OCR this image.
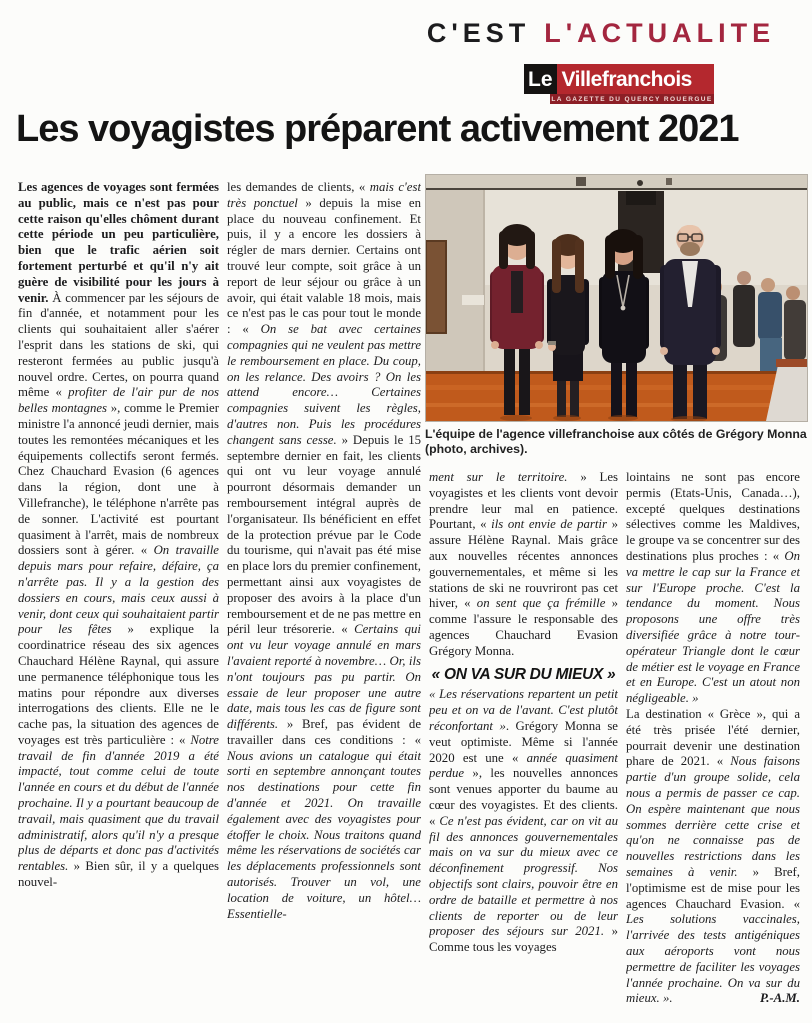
C'EST L'ACTUALITE
Le Villefranchois
LA GAZETTE DU QUERCY ROUERGUE
Les voyagistes préparent activement 2021
L'équipe de l'agence villefranchoise aux côtés de Grégory Monna (photo, archives).

Les agences de voyages sont fermées au public, mais ce n'est pas pour cette raison qu'elles chôment durant cette période un peu particulière, bien que le trafic aérien soit fortement perturbé et qu'il n'y ait guère de visibilité pour les jours à venir. À commencer par les séjours de fin d'année, et notamment pour les clients qui souhaitaient aller s'aérer l'esprit dans les stations de ski, qui resteront fermées au public jusqu'à nouvel ordre. Certes, on pourra quand même « profiter de l'air pur de nos belles montagnes », comme le Premier ministre l'a annoncé jeudi dernier, mais toutes les remontées mécaniques et les équipements collectifs seront fermés. Chez Chauchard Evasion (6 agences dans la région, dont une à Villefranche), le téléphone n'arrête pas de sonner. L'activité est pourtant quasiment à l'arrêt, mais de nombreux dossiers sont à gérer. « On travaille depuis mars pour refaire, défaire, ça n'arrête pas. Il y a la gestion des dossiers en cours, mais ceux aussi à venir, dont ceux qui souhaitaient partir pour les fêtes » explique la coordinatrice réseau des six agences Chauchard Hélène Raynal, qui assure une permanence téléphonique tous les matins pour répondre aux diverses interrogations des clients. Elle ne le cache pas, la situation des agences de voyages est très particulière : « Notre travail de fin d'année 2019 a été impacté, tout comme celui de toute l'année en cours et du début de l'année prochaine. Il y a pourtant beaucoup de travail, mais quasiment que du travail administratif, alors qu'il n'y a presque plus de départs et donc pas d'activités rentables. » Bien sûr, il y a quelques nouvel-

les demandes de clients, « mais c'est très ponctuel » depuis la mise en place du nouveau confinement. Et puis, il y a encore les dossiers à régler de mars dernier. Certains ont trouvé leur compte, soit grâce à un report de leur séjour ou grâce à un avoir, qui était valable 18 mois, mais ce n'est pas le cas pour tout le monde : « On se bat avec certaines compagnies qui ne veulent pas mettre le remboursement en place. Du coup, on les relance. Des avoirs ? On les attend encore… Certaines compagnies suivent les règles, d'autres non. Puis les procédures changent sans cesse. » Depuis le 15 septembre dernier en fait, les clients qui ont vu leur voyage annulé pourront désormais demander un remboursement intégral auprès de l'organisateur. Ils bénéficient en effet de la protection prévue par le Code du tourisme, qui n'avait pas été mise en place lors du premier confinement, permettant ainsi aux voyagistes de proposer des avoirs à la place d'un remboursement et de ne pas mettre en péril leur trésorerie. « Certains qui ont vu leur voyage annulé en mars l'avaient reporté à novembre… Or, ils n'ont toujours pas pu partir. On essaie de leur proposer une autre date, mais tous les cas de figure sont différents. » Bref, pas évident de travailler dans ces conditions : « Nous avions un catalogue qui était sorti en septembre annonçant toutes nos destinations pour cette fin d'année et 2021. On travaille également avec des voyagistes pour étoffer le choix. Nous traitons quand même les réservations de sociétés car les déplacements professionnels sont autorisés. Trouver un vol, une location de voiture, un hôtel… Essentielle-

ment sur le territoire. » Les voyagistes et les clients vont devoir prendre leur mal en patience. Pourtant, « ils ont envie de partir » assure Hélène Raynal. Mais grâce aux nouvelles récentes annonces gouvernementales, et même si les stations de ski ne rouvriront pas cet hiver, « on sent que ça frémille » comme l'assure le responsable des agences Chauchard Evasion Grégory Monna.

« ON VA SUR DU MIEUX »

« Les réservations repartent un petit peu et on va de l'avant. C'est plutôt réconfortant ». Grégory Monna se veut optimiste. Même si l'année 2020 est une « année quasiment perdue », les nouvelles annonces sont venues apporter du baume au cœur des voyagistes. Et des clients. « Ce n'est pas évident, car on vit au fil des annonces gouvernementales mais on va sur du mieux avec ce déconfinement progressif. Nos objectifs sont clairs, pouvoir être en ordre de bataille et permettre à nos clients de reporter ou de leur proposer des séjours sur 2021. » Comme tous les voyages

lointains ne sont pas encore permis (Etats-Unis, Canada…), excepté quelques destinations sélectives comme les Maldives, le groupe va se concentrer sur des destinations plus proches : « On va mettre le cap sur la France et sur l'Europe proche. C'est la tendance du moment. Nous proposons une offre très diversifiée grâce à notre tour-opérateur Triangle dont le cœur de métier est le voyage en France et en Europe. C'est un atout non négligeable. »

La destination « Grèce », qui a été très prisée l'été dernier, pourrait devenir une destination phare de 2021. « Nous faisons partie d'un groupe solide, cela nous a permis de passer ce cap. On espère maintenant que nous sommes derrière cette crise et qu'on ne connaisse pas de nouvelles restrictions dans les semaines à venir. » Bref, l'optimisme est de mise pour les agences Chauchard Evasion. « Les solutions vaccinales, l'arrivée des tests antigéniques aux aéroports vont nous permettre de faciliter les voyages l'année prochaine. On va sur du mieux. ».	P.-A.M.
